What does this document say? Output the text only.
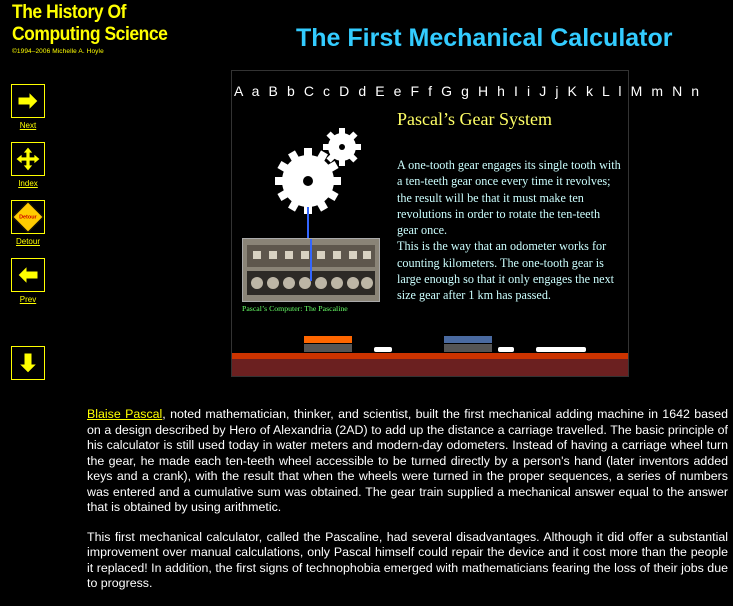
The History Of
Computing Science
©1994–2006 Michelle A. Hoyle	The First Mechanical Calculator
Next
Index
Detour
Detour
Prev
A a B b C c D d E e F f G g H h I i J j K k L l M m N n
Pascal’s Computer: The Pascaline
Pascal’s Gear System

A one-tooth gear engages its single tooth with a ten-teeth gear once every time it revolves; the result will be that it must make ten revolutions in order to rotate the ten-teeth gear once.

This is the way that an odometer works for counting kilometers. The one-tooth gear is large enough so that it only engages the next size gear after 1 km has passed.

Blaise Pascal, noted mathematician, thinker, and scientist, built the first mechanical adding machine in 1642 based on a design described by Hero of Alexandria (2AD) to add up the distance a carriage travelled. The basic principle of his calculator is still used today in water meters and modern-day odometers. Instead of having a carriage wheel turn the gear, he made each ten-teeth wheel accessible to be turned directly by a person's hand (later inventors added keys and a crank), with the result that when the wheels were turned in the proper sequences, a series of numbers was entered and a cumulative sum was obtained. The gear train supplied a mechanical answer equal to the answer that is obtained by using arithmetic.

This first mechanical calculator, called the Pascaline, had several disadvantages. Although it did offer a substantial improvement over manual calculations, only Pascal himself could repair the device and it cost more than the people it replaced! In addition, the first signs of technophobia emerged with mathematicians fearing the loss of their jobs due to progress.
